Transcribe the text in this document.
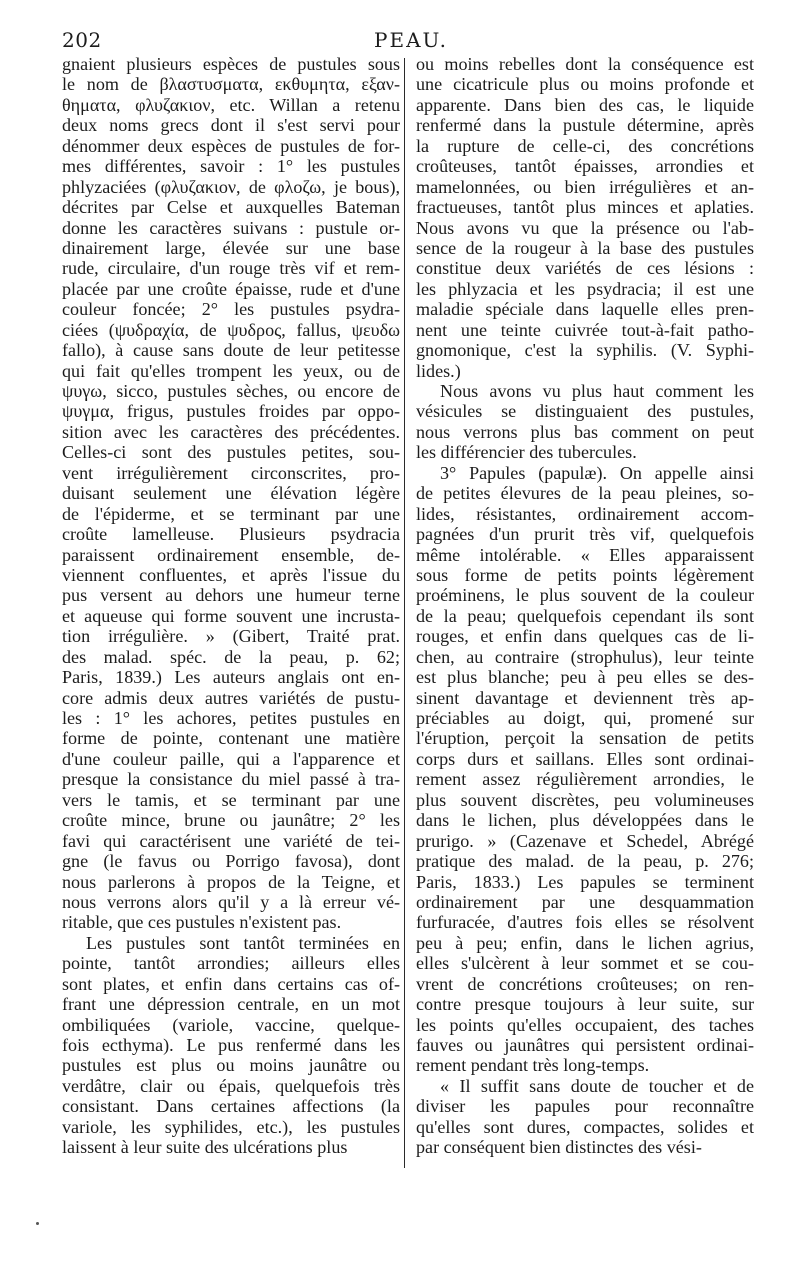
202	PEAU.
gnaient plusieurs espèces de pustules sous
le nom de βλαστυσματα, εκθυμητα, εξαν-
θηματα, φλυζακιον, etc. Willan a retenu
deux noms grecs dont il s'est servi pour
dénommer deux espèces de pustules de for-
mes différentes, savoir : 1° les pustules
phlyzaciées (φλυζακιον, de φλοζω, je bous),
décrites par Celse et auxquelles Bateman
donne les caractères suivans : pustule or-
dinairement large, élevée sur une base
rude, circulaire, d'un rouge très vif et rem-
placée par une croûte épaisse, rude et d'une
couleur foncée; 2° les pustules psydra-
ciées (ψυδραχία, de ψυδρος, fallus, ψευδω
fallo), à cause sans doute de leur petitesse
qui fait qu'elles trompent les yeux, ou de
ψυγω, sicco, pustules sèches, ou encore de
ψυγμα, frigus, pustules froides par oppo-
sition avec les caractères des précédentes.
Celles-ci sont des pustules petites, sou-
vent irrégulièrement circonscrites, pro-
duisant seulement une élévation légère
de l'épiderme, et se terminant par une
croûte lamelleuse. Plusieurs psydracia
paraissent ordinairement ensemble, de-
viennent confluentes, et après l'issue du
pus versent au dehors une humeur terne
et aqueuse qui forme souvent une incrusta-
tion irrégulière. » (Gibert, Traité prat.
des malad. spéc. de la peau, p. 62;
Paris, 1839.) Les auteurs anglais ont en-
core admis deux autres variétés de pustu-
les : 1° les achores, petites pustules en
forme de pointe, contenant une matière
d'une couleur paille, qui a l'apparence et
presque la consistance du miel passé à tra-
vers le tamis, et se terminant par une
croûte mince, brune ou jaunâtre; 2° les
favi qui caractérisent une variété de tei-
gne (le favus ou Porrigo favosa), dont
nous parlerons à propos de la Teigne, et
nous verrons alors qu'il y a là erreur vé-
ritable, que ces pustules n'existent pas.
Les pustules sont tantôt terminées en
pointe, tantôt arrondies; ailleurs elles
sont plates, et enfin dans certains cas of-
frant une dépression centrale, en un mot
ombiliquées (variole, vaccine, quelque-
fois ecthyma). Le pus renfermé dans les
pustules est plus ou moins jaunâtre ou
verdâtre, clair ou épais, quelquefois très
consistant. Dans certaines affections (la
variole, les syphilides, etc.), les pustules
laissent à leur suite des ulcérations plus
ou moins rebelles dont la conséquence est
une cicatricule plus ou moins profonde et
apparente. Dans bien des cas, le liquide
renfermé dans la pustule détermine, après
la rupture de celle-ci, des concrétions
croûteuses, tantôt épaisses, arrondies et
mamelonnées, ou bien irrégulières et an-
fractueuses, tantôt plus minces et aplaties.
Nous avons vu que la présence ou l'ab-
sence de la rougeur à la base des pustules
constitue deux variétés de ces lésions :
les phlyzacia et les psydracia; il est une
maladie spéciale dans laquelle elles pren-
nent une teinte cuivrée tout-à-fait patho-
gnomonique, c'est la syphilis. (V. Syphi-
lides.)
Nous avons vu plus haut comment les
vésicules se distinguaient des pustules,
nous verrons plus bas comment on peut
les différencier des tubercules.
3° Papules (papulæ). On appelle ainsi
de petites élevures de la peau pleines, so-
lides, résistantes, ordinairement accom-
pagnées d'un prurit très vif, quelquefois
même intolérable. « Elles apparaissent
sous forme de petits points légèrement
proéminens, le plus souvent de la couleur
de la peau; quelquefois cependant ils sont
rouges, et enfin dans quelques cas de li-
chen, au contraire (strophulus), leur teinte
est plus blanche; peu à peu elles se des-
sinent davantage et deviennent très ap-
préciables au doigt, qui, promené sur
l'éruption, perçoit la sensation de petits
corps durs et saillans. Elles sont ordinai-
rement assez régulièrement arrondies, le
plus souvent discrètes, peu volumineuses
dans le lichen, plus développées dans le
prurigo. » (Cazenave et Schedel, Abrégé
pratique des malad. de la peau, p. 276;
Paris, 1833.) Les papules se terminent
ordinairement par une desquammation
furfuracée, d'autres fois elles se résolvent
peu à peu; enfin, dans le lichen agrius,
elles s'ulcèrent à leur sommet et se cou-
vrent de concrétions croûteuses; on ren-
contre presque toujours à leur suite, sur
les points qu'elles occupaient, des taches
fauves ou jaunâtres qui persistent ordinai-
rement pendant très long-temps.
« Il suffit sans doute de toucher et de
diviser les papules pour reconnaître
qu'elles sont dures, compactes, solides et
par conséquent bien distinctes des vési-
